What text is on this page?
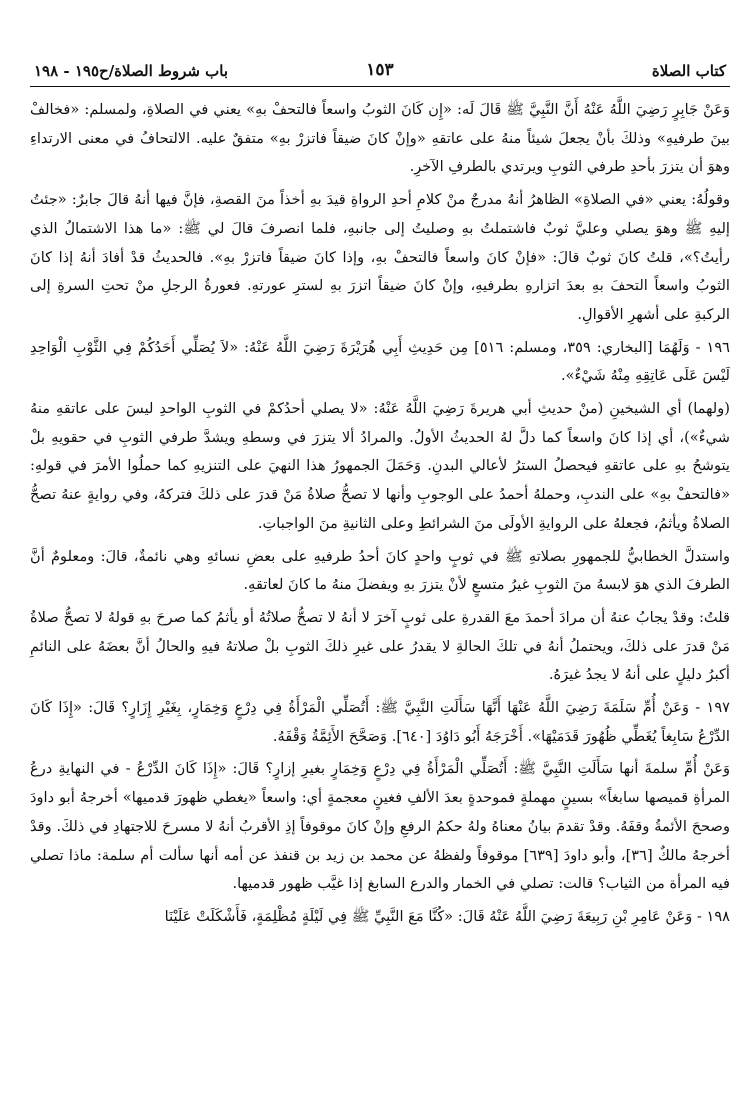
كتاب الصلاة
١٥٣
باب شروط الصلاة/ح١٩٥ - ١٩٨

وَعَنْ جَابِرٍ رَضِيَ اللَّهُ عَنْهُ أَنَّ النَّبِيَّ ﷺ قَالَ لَه: «إِن كَانَ الثوبُ واسعاً فالتحفْ بهِ» يعني في الصلاةِ، ولمسلم: «فخالفْ بينَ طرفيهِ» وذلكَ بأنْ يجعلَ شيئاً منهُ على عاتقهِ «وإنْ كانَ ضيقاً فاتزرْ بهِ» متفقٌ عليه. الالتحافُ في معنى الارتداءِ وهوَ أن يتزرَ بأحدِ طرفي الثوبِ ويرتدي بالطرفِ الآخرِ.

وقولُهُ: يعني «في الصلاةِ» الظاهرُ أنهُ مدرجٌ منْ كلامِ أحدِ الرواةِ قيدَ بهِ أخذاً منَ القصةِ، فإنَّ فيها أنهُ قالَ جابرٌ: «جئتُ إليهِ ﷺ وهوَ يصلي وعليَّ ثوبٌ فاشتملتُ بهِ وصليتُ إلى جانبهِ، فلما انصرفَ قالَ لي ﷺ: «ما هذا الاشتمالُ الذي رأيتُ؟»، قلتُ كانَ ثوبٌ قالَ: «فإنْ كانَ واسعاً فالتحفْ بهِ، وإذا كانَ ضيقاً فاتزرْ بهِ». فالحديثُ قدْ أفادَ أنهُ إذا كانَ الثوبُ واسعاً التحفَ بهِ بعدَ اتزارهِ بطرفيهِ، وإنْ كانَ ضيقاً اتزرَ بهِ لسترِ عورتهِ. فعورةُ الرجلِ منْ تحتِ السرةِ إلى الركبةِ على أشهرِ الأقوالِ.

١٩٦ - وَلَهُمَا [البخاري: ٣٥٩، ومسلم: ٥١٦] مِن حَدِيثِ أَبِي هُرَيْرَةَ رَضِيَ اللَّهُ عَنْهُ: «لاَ يُصَلِّي أَحَدُكُمْ فِي الثَّوْبِ الْوَاحِدِ لَيْسَ عَلَى عَاتِقِهِ مِنْهُ شَيْءٌ».

(ولهما) أي الشيخينِ (منْ حديثِ أبي هريرةَ رَضِيَ اللَّهُ عَنْهُ: «لا يصلي أحدُكمْ في الثوبِ الواحدِ ليسَ على عاتقهِ منهُ شيءٌ»)، أي إذا كانَ واسعاً كما دلَّ لهُ الحديثُ الأولُ. والمرادُ ألا يتزرَ في وسطهِ ويشدَّ طرفي الثوبِ في حقويهِ بلْ يتوشحُ بهِ على عاتقهِ فيحصلُ السترُ لأعالي البدنِ. وَحَمَلَ الجمهورُ هذا النهيَ على التنزيهِ كما حملُوا الأمرَ في قولهِ: «فالتحفْ بهِ» على الندبِ، وحملهُ أحمدُ على الوجوبِ وأنها لا تصحُّ صلاةُ مَنْ قدرَ على ذلكَ فتركهُ، وفي روايةٍ عنهُ تصحُّ الصلاةُ ويأثمُ، فجعلهُ على الروايةِ الأولَى منَ الشرائطِ وعلى الثانيةِ منَ الواجباتِ.

واستدلَّ الخطابيُّ للجمهورِ بصلاتهِ ﷺ في ثوبٍ واحدٍ كانَ أحدُ طرفيهِ على بعضِ نسائهِ وهي نائمةٌ، قالَ: ومعلومٌ أنَّ الطرفَ الذي هوَ لابسهُ منَ الثوبِ غيرُ متسعٍ لأنْ يتزرَ بهِ ويفضلَ منهُ ما كانَ لعاتقهِ.

قلتُ: وقدْ يجابُ عنهُ أن مرادَ أحمدَ معَ القدرةِ على ثوبٍ آخرَ لا أنهُ لا تصحُّ صلاتُهُ أو يأثمُ كما صرحَ بهِ قولهُ لا تصحُّ صلاةُ مَنْ قدرَ على ذلكَ، ويحتملُ أنهُ في تلكَ الحالةِ لا يقدرُ على غيرِ ذلكَ الثوبِ بلْ صلاتهُ فيهِ والحالُ أنَّ بعضَهُ على النائمِ أكبرُ دليلٍ على أنهُ لا يجدُ غيرَهُ.

١٩٧ - وَعَنْ أُمِّ سَلَمَةَ رَضِيَ اللَّهُ عَنْهَا أَنَّهَا سَأَلَتِ النَّبِيَّ ﷺ: أَتُصَلِّي الْمَرْأَةُ فِي دِرْعٍ وَخِمَارٍ، بِغَيْرِ إِزَارٍ؟ قَالَ: «إِذَا كَانَ الدِّرْعُ سَابِغاً يُغَطِّي ظُهُورَ قَدَمَيْهَا». أَخْرَجَهُ أَبُو دَاوُدَ [٦٤٠]. وَصَحَّحَ الأَئِمَّةُ وَقْفَهُ.

وَعَنْ أُمِّ سلمةَ أنها سَأَلَتِ النَّبِيَّ ﷺ: أَتُصَلِّي الْمَرْأَةُ فِي دِرْعٍ وَخِمَارٍ بغيرِ إزارٍ؟ قَالَ: «إِذَا كَانَ الدِّرْعُ - في النهايةِ درعُ المرأةِ قميصها سابغاً» بسينٍ مهملةٍ فموحدةٍ بعدَ الألفِ فغينٍ معجمةٍ أي: واسعاً «يغطي ظهورَ قدميها» أخرجهُ أبو داودَ وصححَ الأئمةُ وقفَهُ. وقدْ تقدمَ بيانُ معناهُ ولهُ حكمُ الرفعِ وإنْ كانَ موقوفاً إذِ الأقربُ أنهُ لا مسرحَ للاجتهادِ في ذلكَ. وقدْ أخرجهُ مالكٌ [٣٦]، وأبو داودَ [٦٣٩] موقوفاً ولفظهُ عن محمد بن زيد بن قنفذ عن أمه أنها سألت أم سلمة: ماذا تصلي فيه المرأة من الثياب؟ قالت: تصلي في الخمار والدرع السابغ إذا غيَّب ظهور قدميها.

١٩٨ - وَعَنْ عَامِرِ بْنِ رَبِيعَةَ رَضِيَ اللَّهُ عَنْهُ قَالَ: «كُنَّا مَعَ النَّبِيِّ ﷺ فِي لَيْلَةٍ مُظْلِمَةٍ، فَأَشْكَلَتْ عَلَيْنَا
